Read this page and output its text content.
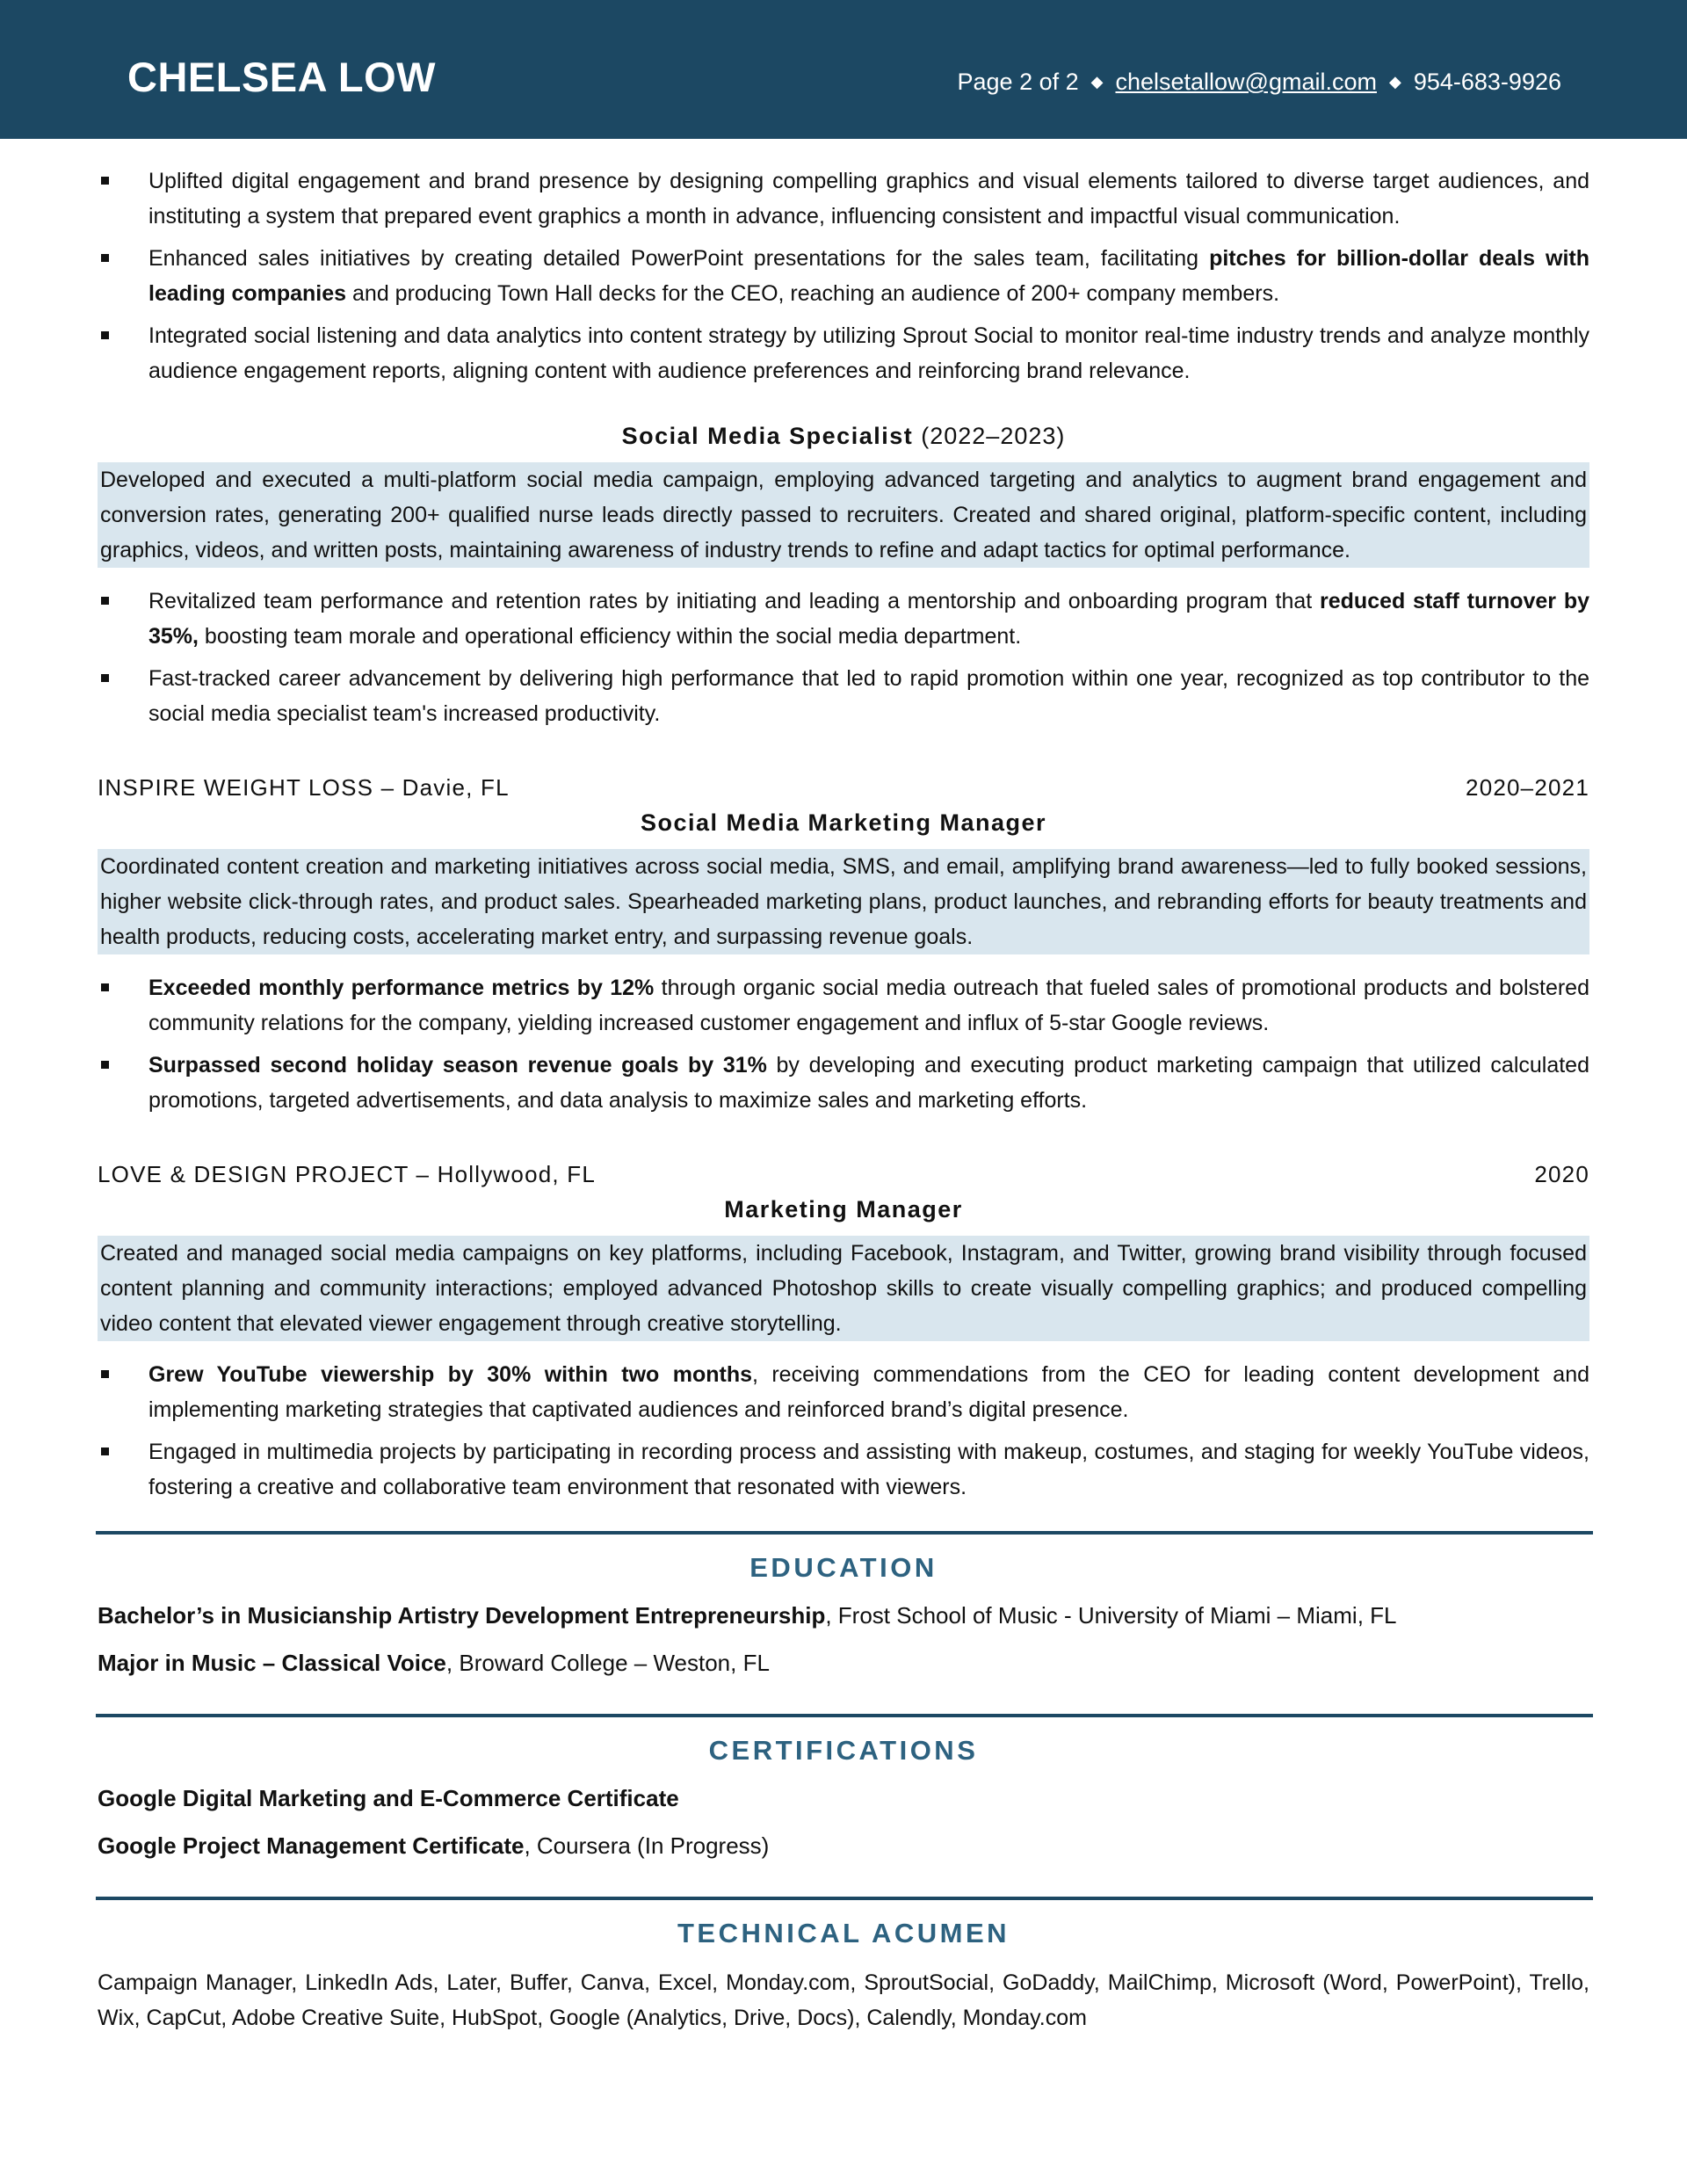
CHELSEA LOW	Page 2 of 2 ◆ chelsetallow@gmail.com ◆ 954-683-9926
Uplifted digital engagement and brand presence by designing compelling graphics and visual elements tailored to diverse target audiences, and instituting a system that prepared event graphics a month in advance, influencing consistent and impactful visual communication.
Enhanced sales initiatives by creating detailed PowerPoint presentations for the sales team, facilitating pitches for billion-dollar deals with leading companies and producing Town Hall decks for the CEO, reaching an audience of 200+ company members.
Integrated social listening and data analytics into content strategy by utilizing Sprout Social to monitor real-time industry trends and analyze monthly audience engagement reports, aligning content with audience preferences and reinforcing brand relevance.
Social Media Specialist (2022–2023)
Developed and executed a multi-platform social media campaign, employing advanced targeting and analytics to augment brand engagement and conversion rates, generating 200+ qualified nurse leads directly passed to recruiters. Created and shared original, platform-specific content, including graphics, videos, and written posts, maintaining awareness of industry trends to refine and adapt tactics for optimal performance.
Revitalized team performance and retention rates by initiating and leading a mentorship and onboarding program that reduced staff turnover by 35%, boosting team morale and operational efficiency within the social media department.
Fast-tracked career advancement by delivering high performance that led to rapid promotion within one year, recognized as top contributor to the social media specialist team's increased productivity.
INSPIRE WEIGHT LOSS – Davie, FL	2020–2021
Social Media Marketing Manager
Coordinated content creation and marketing initiatives across social media, SMS, and email, amplifying brand awareness—led to fully booked sessions, higher website click-through rates, and product sales. Spearheaded marketing plans, product launches, and rebranding efforts for beauty treatments and health products, reducing costs, accelerating market entry, and surpassing revenue goals.
Exceeded monthly performance metrics by 12% through organic social media outreach that fueled sales of promotional products and bolstered community relations for the company, yielding increased customer engagement and influx of 5-star Google reviews.
Surpassed second holiday season revenue goals by 31% by developing and executing product marketing campaign that utilized calculated promotions, targeted advertisements, and data analysis to maximize sales and marketing efforts.
LOVE & DESIGN PROJECT – Hollywood, FL	2020
Marketing Manager
Created and managed social media campaigns on key platforms, including Facebook, Instagram, and Twitter, growing brand visibility through focused content planning and community interactions; employed advanced Photoshop skills to create visually compelling graphics; and produced compelling video content that elevated viewer engagement through creative storytelling.
Grew YouTube viewership by 30% within two months, receiving commendations from the CEO for leading content development and implementing marketing strategies that captivated audiences and reinforced brand’s digital presence.
Engaged in multimedia projects by participating in recording process and assisting with makeup, costumes, and staging for weekly YouTube videos, fostering a creative and collaborative team environment that resonated with viewers.
EDUCATION
Bachelor’s in Musicianship Artistry Development Entrepreneurship, Frost School of Music - University of Miami – Miami, FL
Major in Music – Classical Voice, Broward College – Weston, FL
CERTIFICATIONS
Google Digital Marketing and E-Commerce Certificate
Google Project Management Certificate, Coursera (In Progress)
TECHNICAL ACUMEN
Campaign Manager, LinkedIn Ads, Later, Buffer, Canva, Excel, Monday.com, SproutSocial, GoDaddy, MailChimp, Microsoft (Word, PowerPoint), Trello, Wix, CapCut, Adobe Creative Suite, HubSpot, Google (Analytics, Drive, Docs), Calendly, Monday.com
